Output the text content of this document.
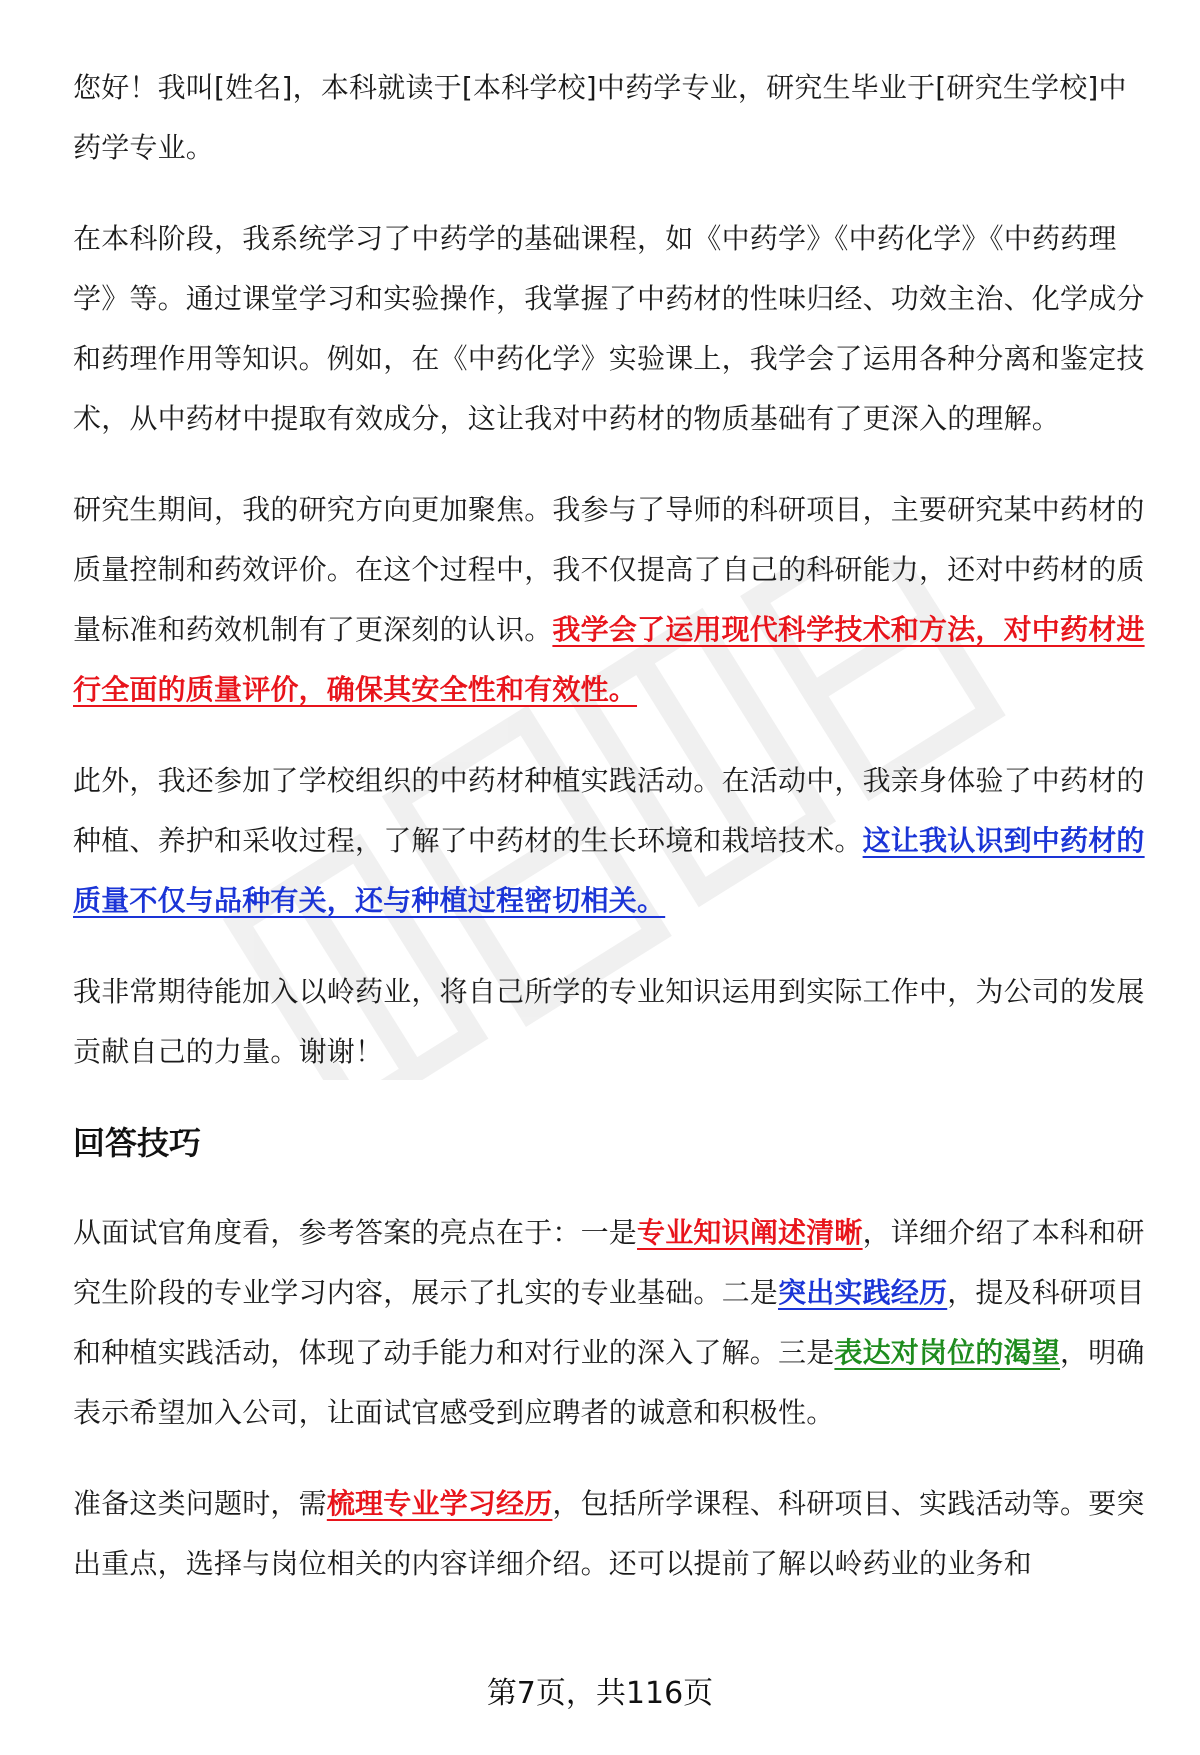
您好！我叫[姓名]，本科就读于[本科学校]中药学专业，研究生毕业于[研究生学校]中药学专业。

在本科阶段，我系统学习了中药学的基础课程，如《中药学》《中药化学》《中药药理学》等。通过课堂学习和实验操作，我掌握了中药材的性味归经、功效主治、化学成分和药理作用等知识。例如，在《中药化学》实验课上，我学会了运用各种分离和鉴定技术，从中药材中提取有效成分，这让我对中药材的物质基础有了更深入的理解。

研究生期间，我的研究方向更加聚焦。我参与了导师的科研项目，主要研究某中药材的质量控制和药效评价。在这个过程中，我不仅提高了自己的科研能力，还对中药材的质量标准和药效机制有了更深刻的认识。我学会了运用现代科学技术和方法，对中药材进行全面的质量评价，确保其安全性和有效性。

此外，我还参加了学校组织的中药材种植实践活动。在活动中，我亲身体验了中药材的种植、养护和采收过程，了解了中药材的生长环境和栽培技术。这让我认识到中药材的质量不仅与品种有关，还与种植过程密切相关。

我非常期待能加入以岭药业，将自己所学的专业知识运用到实际工作中，为公司的发展贡献自己的力量。谢谢！

回答技巧

从面试官角度看，参考答案的亮点在于：一是专业知识阐述清晰，详细介绍了本科和研究生阶段的专业学习内容，展示了扎实的专业基础。二是突出实践经历，提及科研项目和种植实践活动，体现了动手能力和对行业的深入了解。三是表达对岗位的渴望，明确表示希望加入公司，让面试官感受到应聘者的诚意和积极性。

准备这类问题时，需梳理专业学习经历，包括所学课程、科研项目、实践活动等。要突出重点，选择与岗位相关的内容详细介绍。还可以提前了解以岭药业的业务和

第7页，共116页
